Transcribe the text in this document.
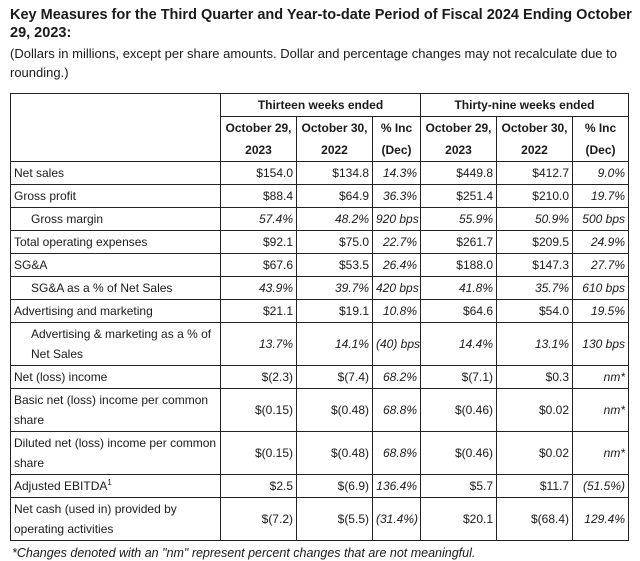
Key Measures for the Third Quarter and Year-to-date Period of Fiscal 2024 Ending October 29, 2023:

(Dollars in millions, except per share amounts. Dollar and percentage changes may not recalculate due to rounding.)

	Thirteen weeks ended			Thirty-nine weeks ended		
	October 29,	October 30,	% Inc	October 29,	October 30,	% Inc
	2023	2022	(Dec)	2023	2022	(Dec)
Net sales	$154.0	$134.8	14.3%	$449.8	$412.7	9.0%
Gross profit	$88.4	$64.9	36.3%	$251.4	$210.0	19.7%
Gross margin	57.4%	48.2%	920 bps	55.9%	50.9%	500 bps
Total operating expenses	$92.1	$75.0	22.7%	$261.7	$209.5	24.9%
SG&A	$67.6	$53.5	26.4%	$188.0	$147.3	27.7%
SG&A as a % of Net Sales	43.9%	39.7%	420 bps	41.8%	35.7%	610 bps
Advertising and marketing	$21.1	$19.1	10.8%	$64.6	$54.0	19.5%
Advertising & marketing as a % of Net Sales	13.7%	14.1%	(40) bps	14.4%	13.1%	130 bps
Net (loss) income	$(2.3)	$(7.4)	68.2%	$(7.1)	$0.3	nm*
Basic net (loss) income per common share	$(0.15)	$(0.48)	68.8%	$(0.46)	$0.02	nm*
Diluted net (loss) income per common share	$(0.15)	$(0.48)	68.8%	$(0.46)	$0.02	nm*
Adjusted EBITDA$^1$	$2.5	$(6.9)	136.4%	$5.7	$11.7	(51.5%)
Net cash (used in) provided by operating activities	$(7.2)	$(5.5)	(31.4%)	$20.1	$(68.4)	129.4%

*Changes denoted with an "nm" represent percent changes that are not meaningful.
